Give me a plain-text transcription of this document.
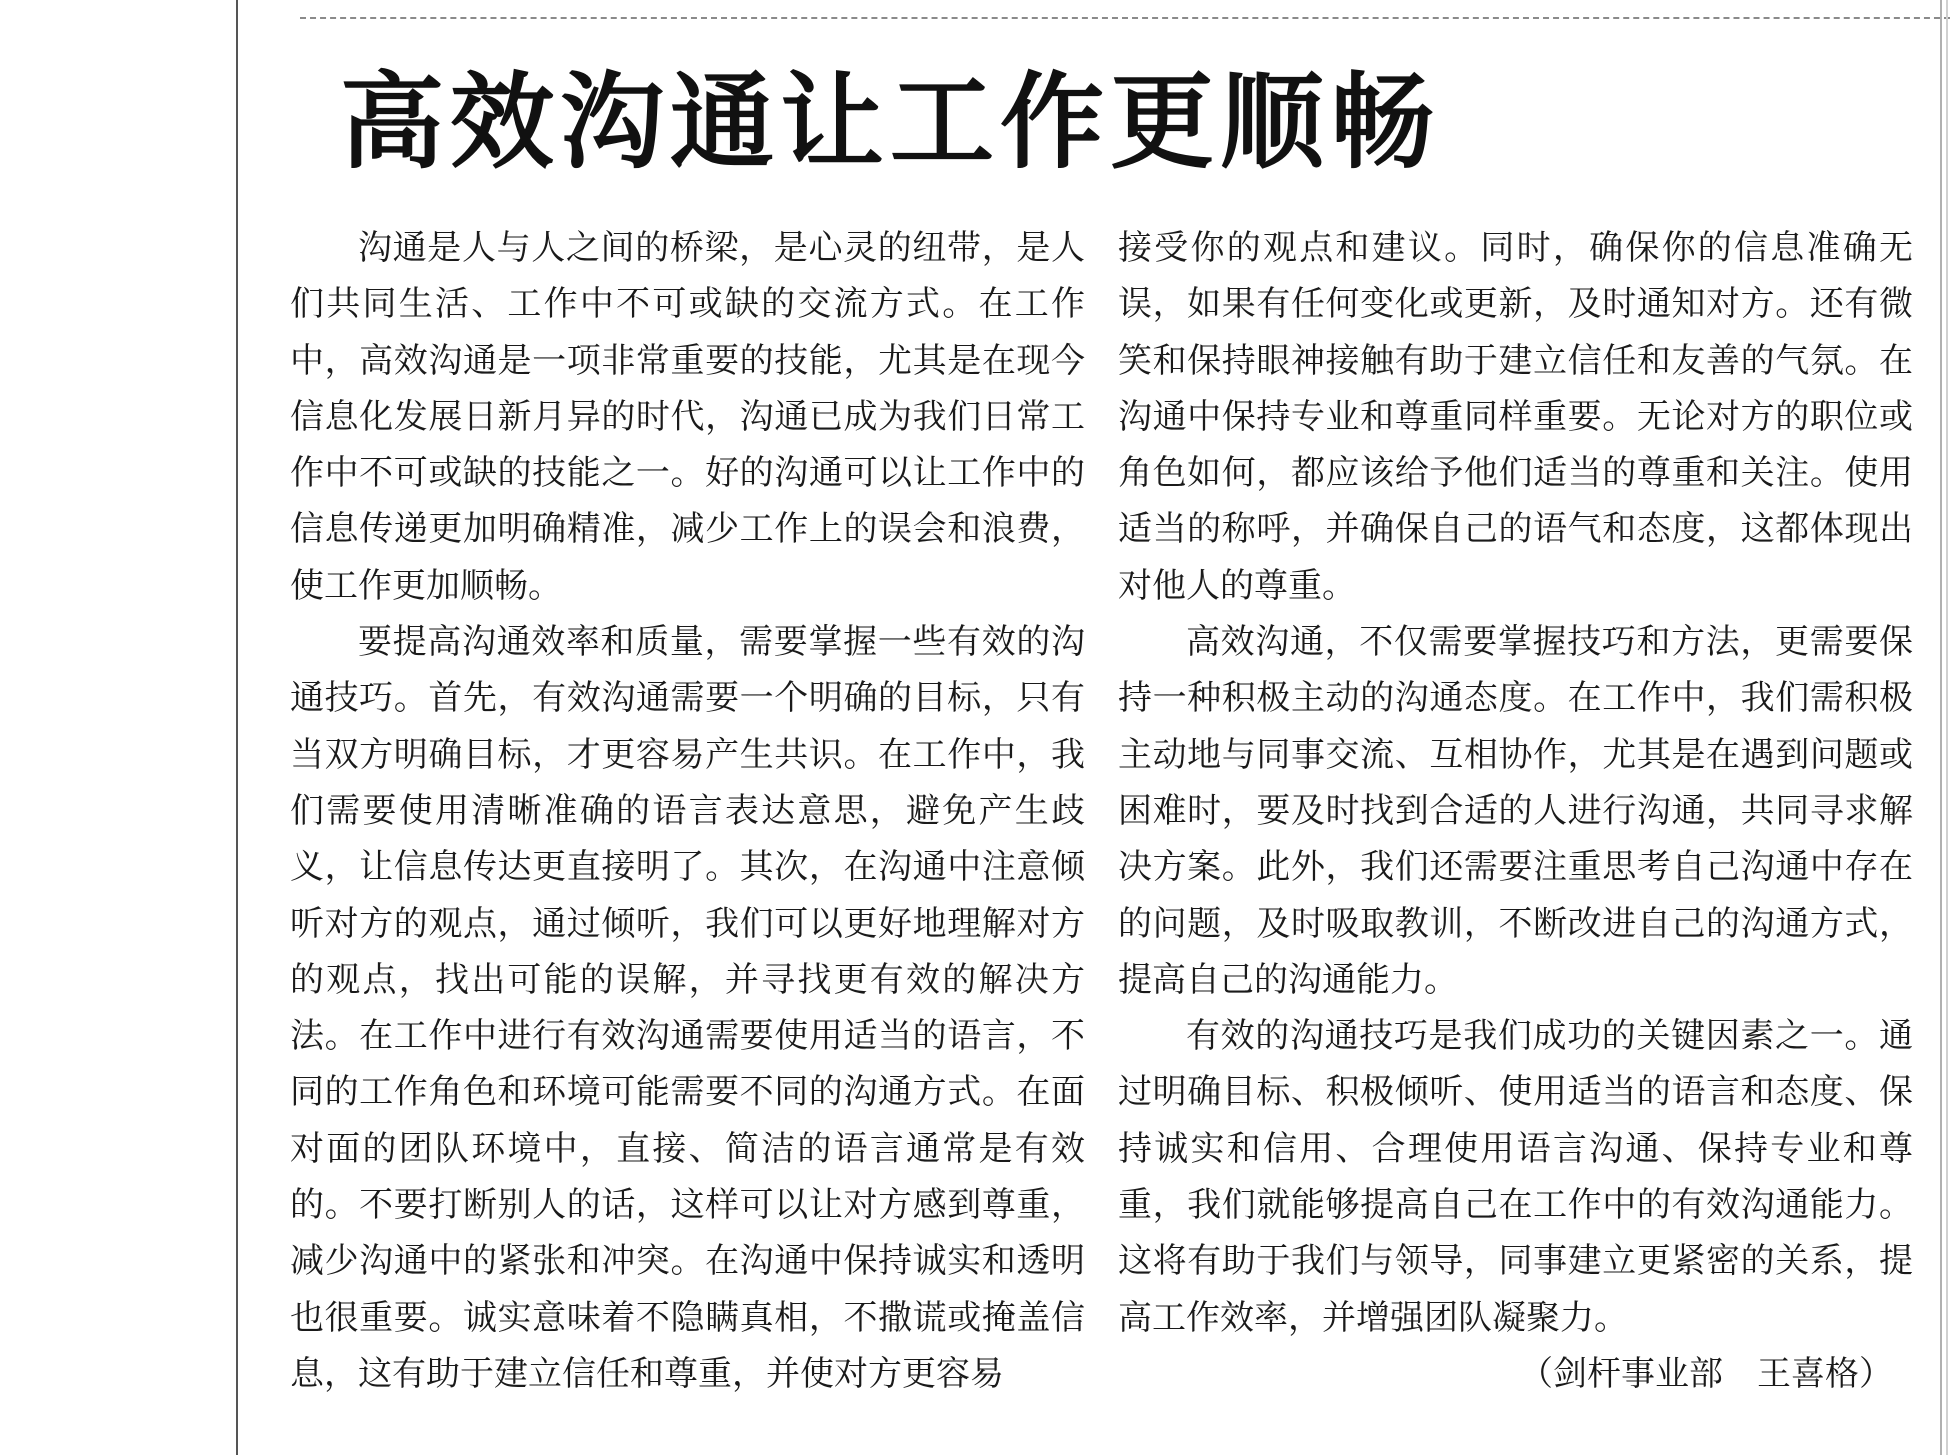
高效沟通让工作更顺畅

沟通是人与人之间的桥梁，是心灵的纽带，是人们共同生活、工作中不可或缺的交流方式。在工作中，高效沟通是一项非常重要的技能，尤其是在现今信息化发展日新月异的时代，沟通已成为我们日常工作中不可或缺的技能之一。好的沟通可以让工作中的信息传递更加明确精准，减少工作上的误会和浪费，使工作更加顺畅。

要提高沟通效率和质量，需要掌握一些有效的沟通技巧。首先，有效沟通需要一个明确的目标，只有当双方明确目标，才更容易产生共识。在工作中，我们需要使用清晰准确的语言表达意思，避免产生歧义，让信息传达更直接明了。其次，在沟通中注意倾听对方的观点，通过倾听，我们可以更好地理解对方的观点，找出可能的误解，并寻找更有效的解决方法。在工作中进行有效沟通需要使用适当的语言，不同的工作角色和环境可能需要不同的沟通方式。在面对面的团队环境中，直接、简洁的语言通常是有效的。不要打断别人的话，这样可以让对方感到尊重，减少沟通中的紧张和冲突。在沟通中保持诚实和透明也很重要。诚实意味着不隐瞒真相，不撒谎或掩盖信息，这有助于建立信任和尊重，并使对方更容易

接受你的观点和建议。同时，确保你的信息准确无误，如果有任何变化或更新，及时通知对方。还有微笑和保持眼神接触有助于建立信任和友善的气氛。在沟通中保持专业和尊重同样重要。无论对方的职位或角色如何，都应该给予他们适当的尊重和关注。使用适当的称呼，并确保自己的语气和态度，这都体现出对他人的尊重。

高效沟通，不仅需要掌握技巧和方法，更需要保持一种积极主动的沟通态度。在工作中，我们需积极主动地与同事交流、互相协作，尤其是在遇到问题或困难时，要及时找到合适的人进行沟通，共同寻求解决方案。此外，我们还需要注重思考自己沟通中存在的问题，及时吸取教训，不断改进自己的沟通方式，提高自己的沟通能力。

有效的沟通技巧是我们成功的关键因素之一。通过明确目标、积极倾听、使用适当的语言和态度、保持诚实和信用、合理使用语言沟通、保持专业和尊重，我们就能够提高自己在工作中的有效沟通能力。这将有助于我们与领导，同事建立更紧密的关系，提高工作效率，并增强团队凝聚力。

（剑杆事业部　王喜格）
